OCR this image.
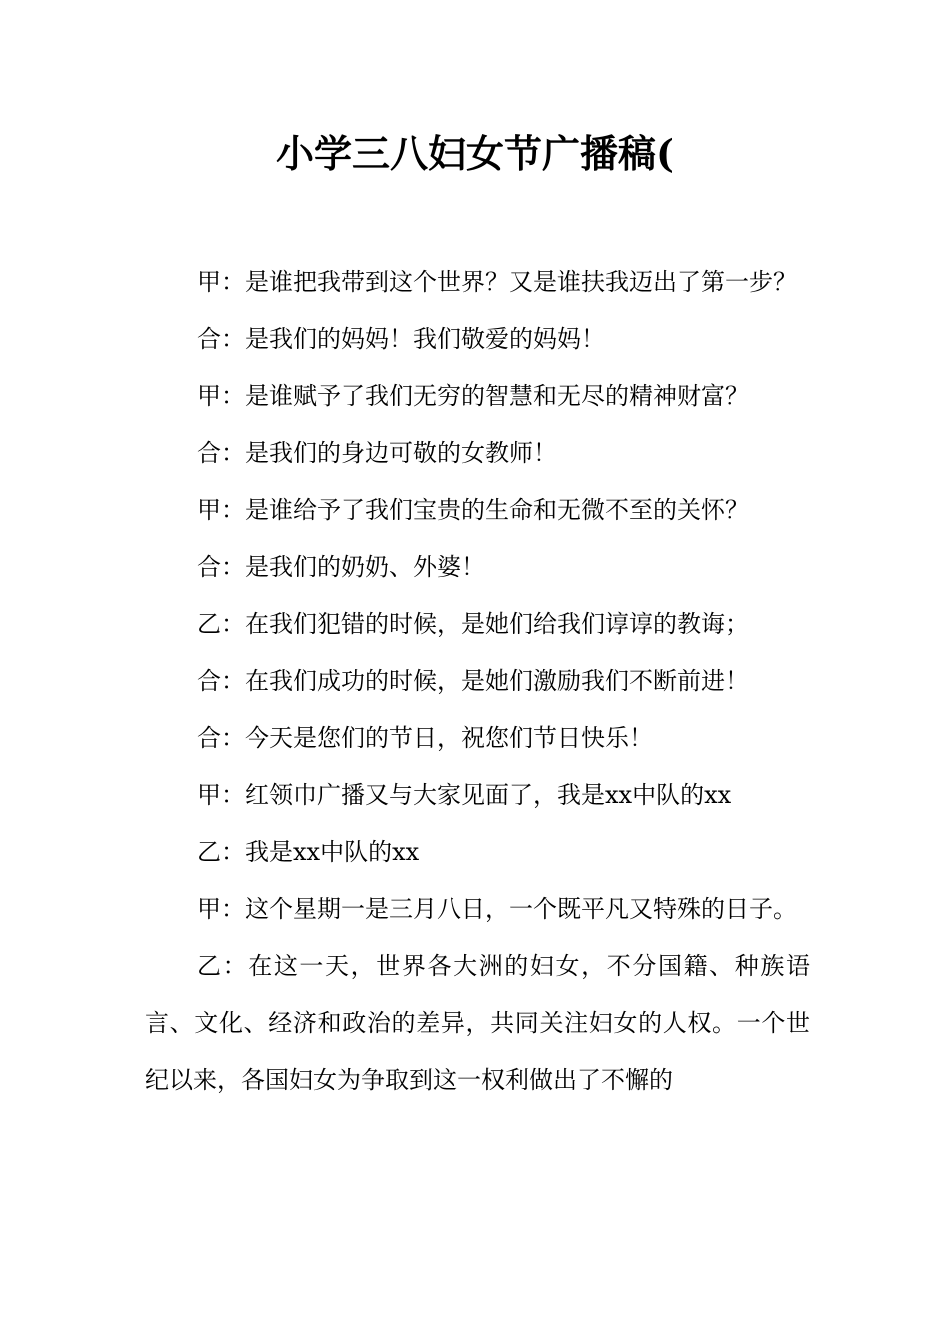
小学三八妇女节广播稿(

甲：是谁把我带到这个世界？又是谁扶我迈出了第一步？

合：是我们的妈妈！我们敬爱的妈妈！

甲：是谁赋予了我们无穷的智慧和无尽的精神财富？

合：是我们的身边可敬的女教师！

甲：是谁给予了我们宝贵的生命和无微不至的关怀？

合：是我们的奶奶、外婆！

乙：在我们犯错的时候，是她们给我们谆谆的教诲；

合：在我们成功的时候，是她们激励我们不断前进！

合：今天是您们的节日，祝您们节日快乐！

甲：红领巾广播又与大家见面了，我是xx中队的xx

乙：我是xx中队的xx

甲：这个星期一是三月八日，一个既平凡又特殊的日子。

乙：在这一天，世界各大洲的妇女，不分国籍、种族语言、文化、经济和政治的差异，共同关注妇女的人权。一个世纪以来，各国妇女为争取到这一权利做出了不懈的
